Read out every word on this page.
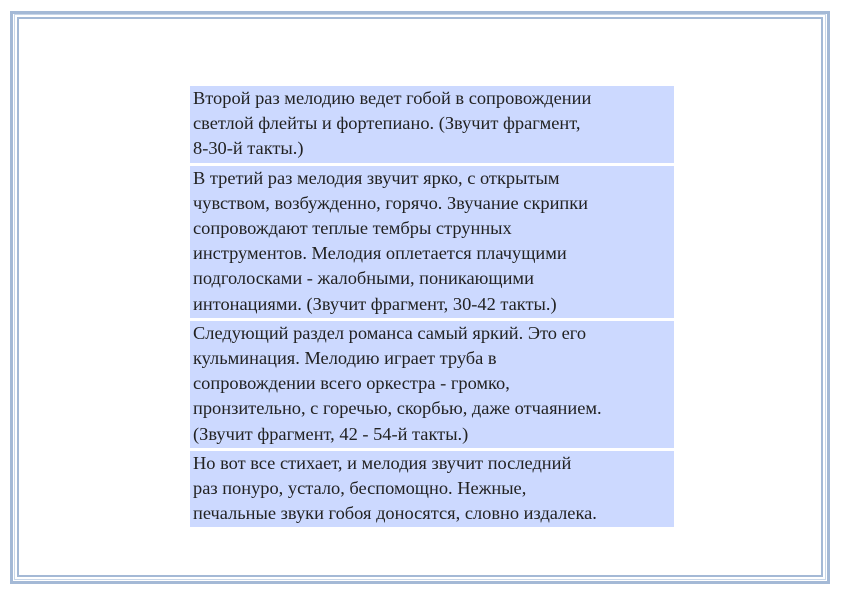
Второй раз мелодию ведет гобой в сопровождении
светлой флейты и фортепиано. (Звучит фрагмент,
8-30-й такты.)
В третий раз мелодия звучит ярко, с открытым
чувством, возбужденно, горячо. Звучание скрипки
сопровождают теплые тембры струнных
инструментов. Мелодия оплетается плачущими
подголосками - жалобными, поникающими
интонациями. (Звучит фрагмент, 30-42 такты.)
Следующий раздел романса самый яркий. Это его
кульминация. Мелодию играет труба в
сопровождении всего оркестра - громко,
пронзительно, с горечью, скорбью, даже отчаянием.
(Звучит фрагмент, 42 - 54-й такты.)
Но вот все стихает, и мелодия звучит последний
раз понуро, устало, беспомощно. Нежные,
печальные звуки гобоя доносятся, словно издалека.
